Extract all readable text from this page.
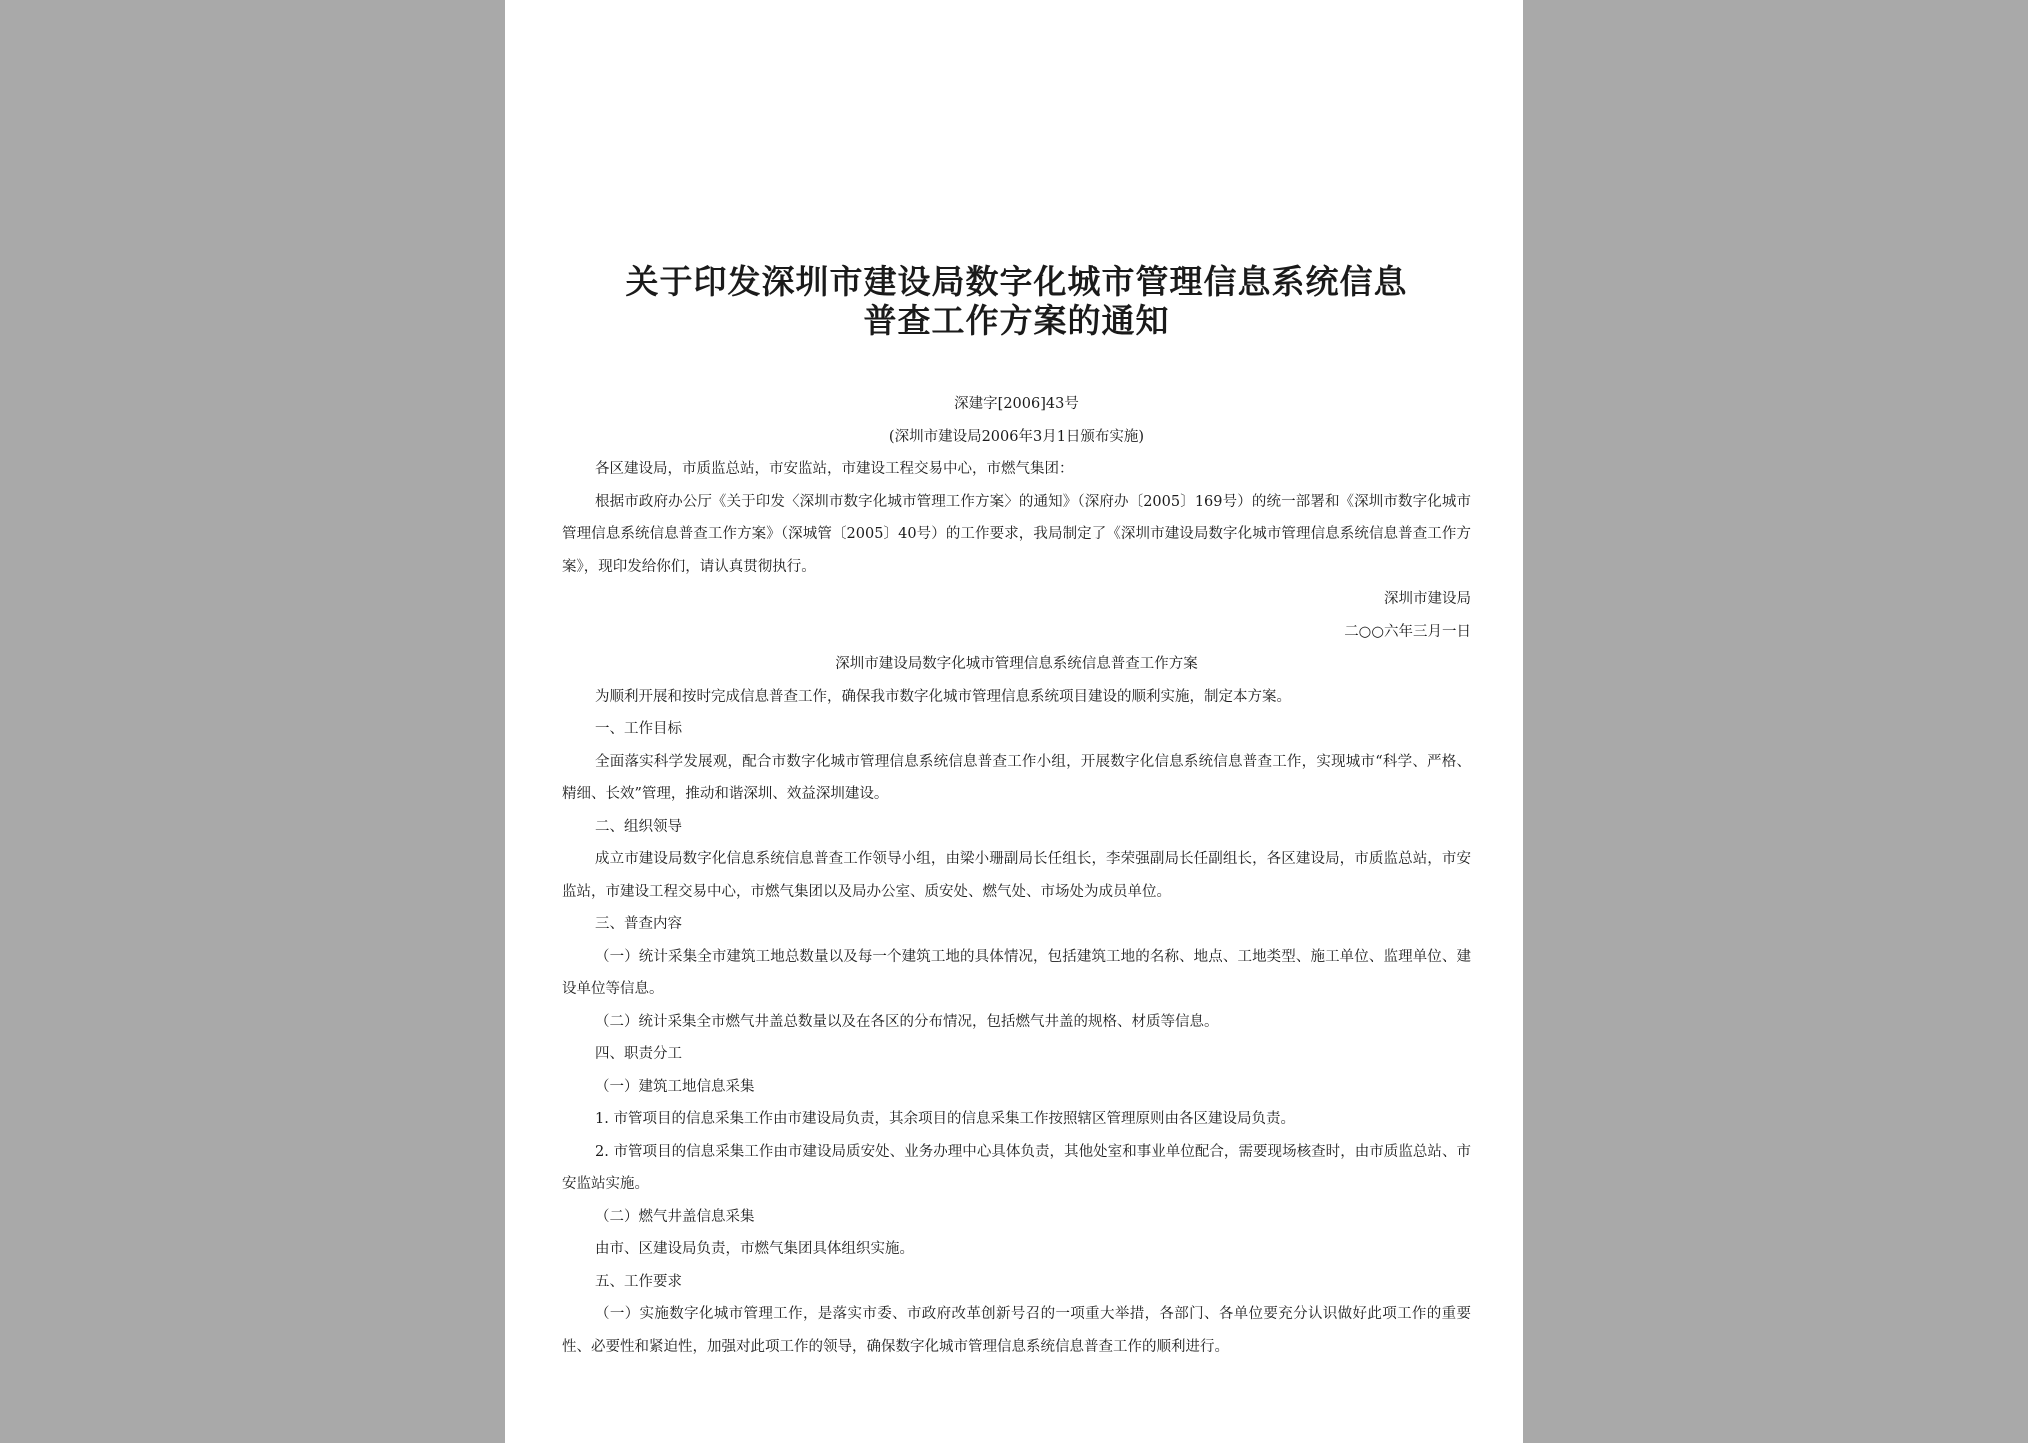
关于印发深圳市建设局数字化城市管理信息系统信息
普查工作方案的通知

深建字[2006]43号

(深圳市建设局2006年3月1日颁布实施)

各区建设局，市质监总站，市安监站，市建设工程交易中心，市燃气集团：

根据市政府办公厅《关于印发〈深圳市数字化城市管理工作方案〉的通知》（深府办〔2005〕169号）的统一部署和《深圳市数字化城市管理信息系统信息普查工作方案》（深城管〔2005〕40号）的工作要求，我局制定了《深圳市建设局数字化城市管理信息系统信息普查工作方案》，现印发给你们，请认真贯彻执行。

深圳市建设局

二○○六年三月一日

深圳市建设局数字化城市管理信息系统信息普查工作方案

为顺利开展和按时完成信息普查工作，确保我市数字化城市管理信息系统项目建设的顺利实施，制定本方案。

一、工作目标

全面落实科学发展观，配合市数字化城市管理信息系统信息普查工作小组，开展数字化信息系统信息普查工作，实现城市“科学、严格、精细、长效”管理，推动和谐深圳、效益深圳建设。

二、组织领导

成立市建设局数字化信息系统信息普查工作领导小组，由梁小珊副局长任组长，李荣强副局长任副组长，各区建设局，市质监总站，市安监站，市建设工程交易中心，市燃气集团以及局办公室、质安处、燃气处、市场处为成员单位。

三、普查内容

（一）统计采集全市建筑工地总数量以及每一个建筑工地的具体情况，包括建筑工地的名称、地点、工地类型、施工单位、监理单位、建设单位等信息。

（二）统计采集全市燃气井盖总数量以及在各区的分布情况，包括燃气井盖的规格、材质等信息。

四、职责分工

（一）建筑工地信息采集

1. 市管项目的信息采集工作由市建设局负责，其余项目的信息采集工作按照辖区管理原则由各区建设局负责。

2. 市管项目的信息采集工作由市建设局质安处、业务办理中心具体负责，其他处室和事业单位配合，需要现场核查时，由市质监总站、市安监站实施。

（二）燃气井盖信息采集

由市、区建设局负责，市燃气集团具体组织实施。

五、工作要求

（一）实施数字化城市管理工作，是落实市委、市政府改革创新号召的一项重大举措，各部门、各单位要充分认识做好此项工作的重要性、必要性和紧迫性，加强对此项工作的领导，确保数字化城市管理信息系统信息普查工作的顺利进行。
